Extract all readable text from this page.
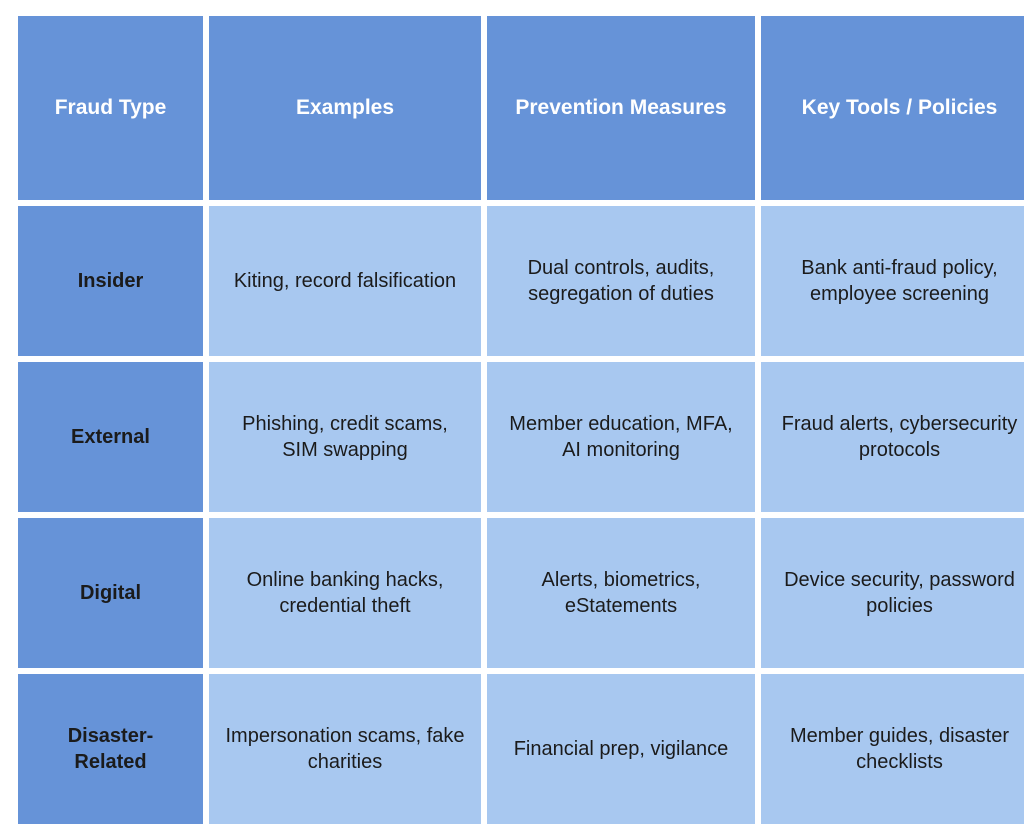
Fraud Type	Examples	Prevention Measures	Key Tools / Policies
Insider	Kiting, record falsification	Dual controls, audits, segregation of duties	Bank anti-fraud policy, employee screening
External	Phishing, credit scams, SIM swapping	Member education, MFA, AI monitoring	Fraud alerts, cybersecurity protocols
Digital	Online banking hacks, credential theft	Alerts, biometrics, eStatements	Device security, password policies
Disaster-Related	Impersonation scams, fake charities	Financial prep, vigilance	Member guides, disaster checklists
